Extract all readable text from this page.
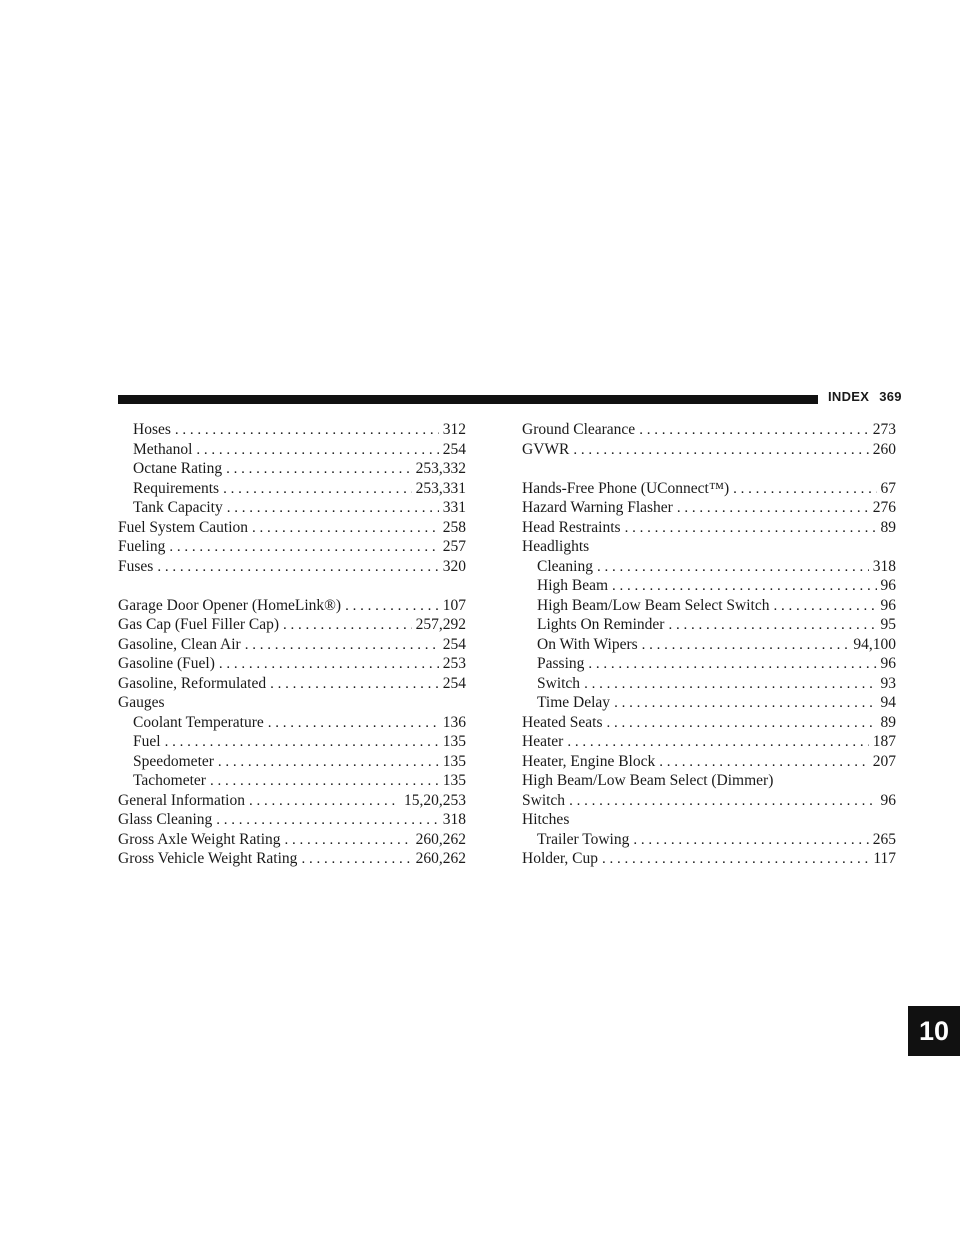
INDEX 369
Hoses . . .	312
Methanol . . .	254
Octane Rating . . .	253,332
Requirements . . .	253,331
Tank Capacity . . .	331
Fuel System Caution . . .	258
Fueling . . .	257
Fuses . . .	320
Garage Door Opener (HomeLink®) . . .	107
Gas Cap (Fuel Filler Cap) . . .	257,292
Gasoline, Clean Air . . .	254
Gasoline (Fuel) . . .	253
Gasoline, Reformulated . . .	254
Gauges
Coolant Temperature . . .	136
Fuel . . .	135
Speedometer . . .	135
Tachometer . . .	135
General Information . . .	15,20,253
Glass Cleaning . . .	318
Gross Axle Weight Rating . . .	260,262
Gross Vehicle Weight Rating . . .	260,262
Ground Clearance . . .	273
GVWR . . .	260
Hands-Free Phone (UConnect™) . . .	67
Hazard Warning Flasher . . .	276
Head Restraints . . .	89
Headlights
Cleaning . . .	318
High Beam . . .	96
High Beam/Low Beam Select Switch . . .	96
Lights On Reminder . . .	95
On With Wipers . . .	94,100
Passing . . .	96
Switch . . .	93
Time Delay . . .	94
Heated Seats . . .	89
Heater . . .	187
Heater, Engine Block . . .	207
High Beam/Low Beam Select (Dimmer)
Switch . . .	96
Hitches
Trailer Towing . . .	265
Holder, Cup . . .	117
10
